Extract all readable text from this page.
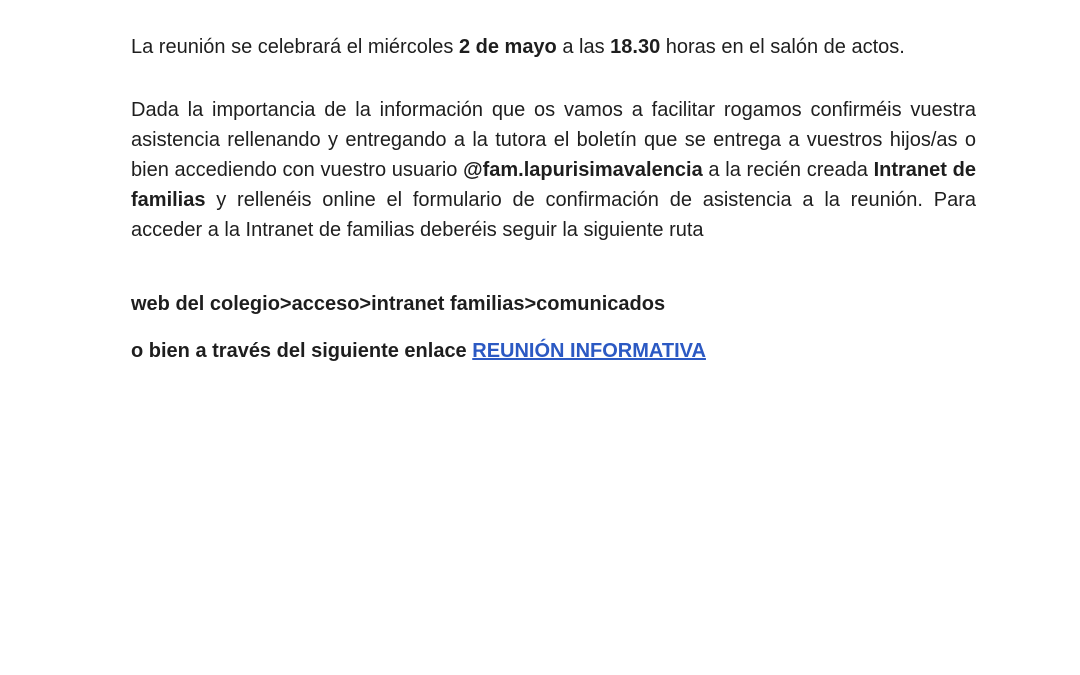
La reunión se celebrará el miércoles 2 de mayo a las 18.30 horas en el salón de actos.

Dada la importancia de la información que os vamos a facilitar rogamos confirméis vuestra asistencia rellenando y entregando a la tutora el boletín que se entrega a vuestros hijos/as o bien accediendo con vuestro usuario @fam.lapurisimavalencia a la recién creada Intranet de familias y rellenéis online el formulario de confirmación de asistencia a la reunión. Para acceder a la Intranet de familias deberéis seguir la siguiente ruta

web del colegio>acceso>intranet familias>comunicados

o bien a través del siguiente enlace REUNIÓN INFORMATIVA
